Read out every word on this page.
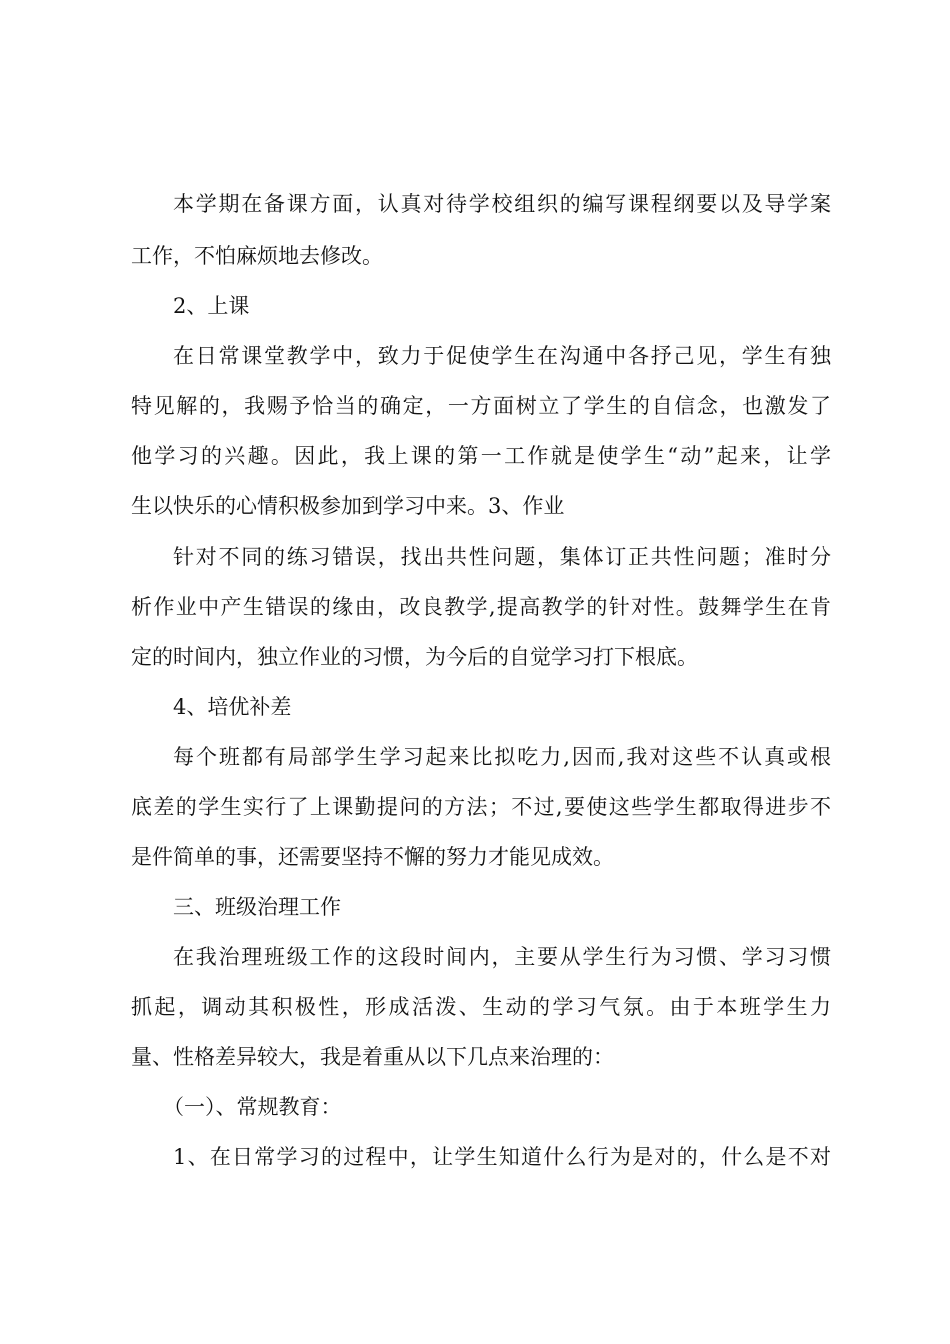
本学期在备课方面，认真对待学校组织的编写课程纲要以及导学案
工作，不怕麻烦地去修改。
2、上课
在日常课堂教学中，致力于促使学生在沟通中各抒己见，学生有独
特见解的，我赐予恰当的确定，一方面树立了学生的自信念，也激发了
他学习的兴趣。因此，我上课的第一工作就是使学生“动”起来，让学
生以快乐的心情积极参加到学习中来。3、作业
针对不同的练习错误，找出共性问题，集体订正共性问题；准时分
析作业中产生错误的缘由，改良教学,提高教学的针对性。鼓舞学生在肯
定的时间内，独立作业的习惯，为今后的自觉学习打下根底。
4、培优补差
每个班都有局部学生学习起来比拟吃力,因而,我对这些不认真或根
底差的学生实行了上课勤提问的方法；不过,要使这些学生都取得进步不
是件简单的事，还需要坚持不懈的努力才能见成效。
三、班级治理工作
在我治理班级工作的这段时间内，主要从学生行为习惯、学习习惯
抓起，调动其积极性，形成活泼、生动的学习气氛。由于本班学生力
量、性格差异较大，我是着重从以下几点来治理的：
（一）、常规教育：
1、在日常学习的过程中，让学生知道什么行为是对的，什么是不对
